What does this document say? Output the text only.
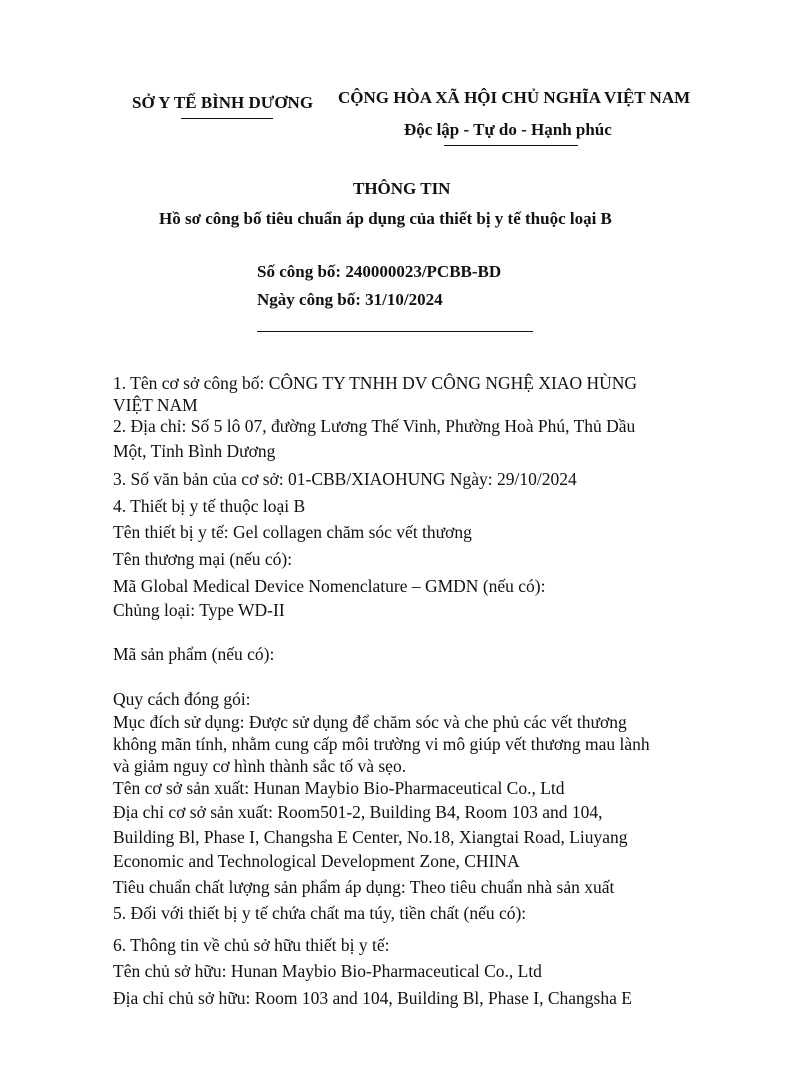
SỞ Y TẾ BÌNH DƯƠNG CỘNG HÒA XÃ HỘI CHỦ NGHĨA VIỆT NAM
Độc lập - Tự do - Hạnh phúc
THÔNG TIN
Hồ sơ công bố tiêu chuẩn áp dụng của thiết bị y tế thuộc loại B
Số công bố: 240000023/PCBB-BD
Ngày công bố: 31/10/2024
1. Tên cơ sở công bố: CÔNG TY TNHH DV CÔNG NGHỆ XIAO HÙNG
VIỆT NAM
2. Địa chỉ: Số 5 lô 07, đường Lương Thế Vinh, Phường Hoà Phú, Thủ Dầu
Một, Tỉnh Bình Dương
3. Số văn bản của cơ sở: 01-CBB/XIAOHUNG Ngày: 29/10/2024
4. Thiết bị y tế thuộc loại B
Tên thiết bị y tế: Gel collagen chăm sóc vết thương
Tên thương mại (nếu có):
Mã Global Medical Device Nomenclature – GMDN (nếu có):
Chủng loại: Type WD-II
Mã sản phẩm (nếu có):
Quy cách đóng gói:
Mục đích sử dụng: Được sử dụng để chăm sóc và che phủ các vết thương
không mãn tính, nhằm cung cấp môi trường vi mô giúp vết thương mau lành
và giảm nguy cơ hình thành sắc tố và sẹo.
Tên cơ sở sản xuất: Hunan Maybio Bio-Pharmaceutical Co., Ltd
Địa chỉ cơ sở sản xuất: Room501-2, Building B4, Room 103 and 104,
Building Bl, Phase I, Changsha E Center, No.18, Xiangtai Road, Liuyang
Economic and Technological Development Zone, CHINA
Tiêu chuẩn chất lượng sản phẩm áp dụng: Theo tiêu chuẩn nhà sản xuất
5. Đối với thiết bị y tế chứa chất ma túy, tiền chất (nếu có):
6. Thông tin về chủ sở hữu thiết bị y tế:
Tên chủ sở hữu: Hunan Maybio Bio-Pharmaceutical Co., Ltd
Địa chỉ chủ sở hữu: Room 103 and 104, Building Bl, Phase I, Changsha E
